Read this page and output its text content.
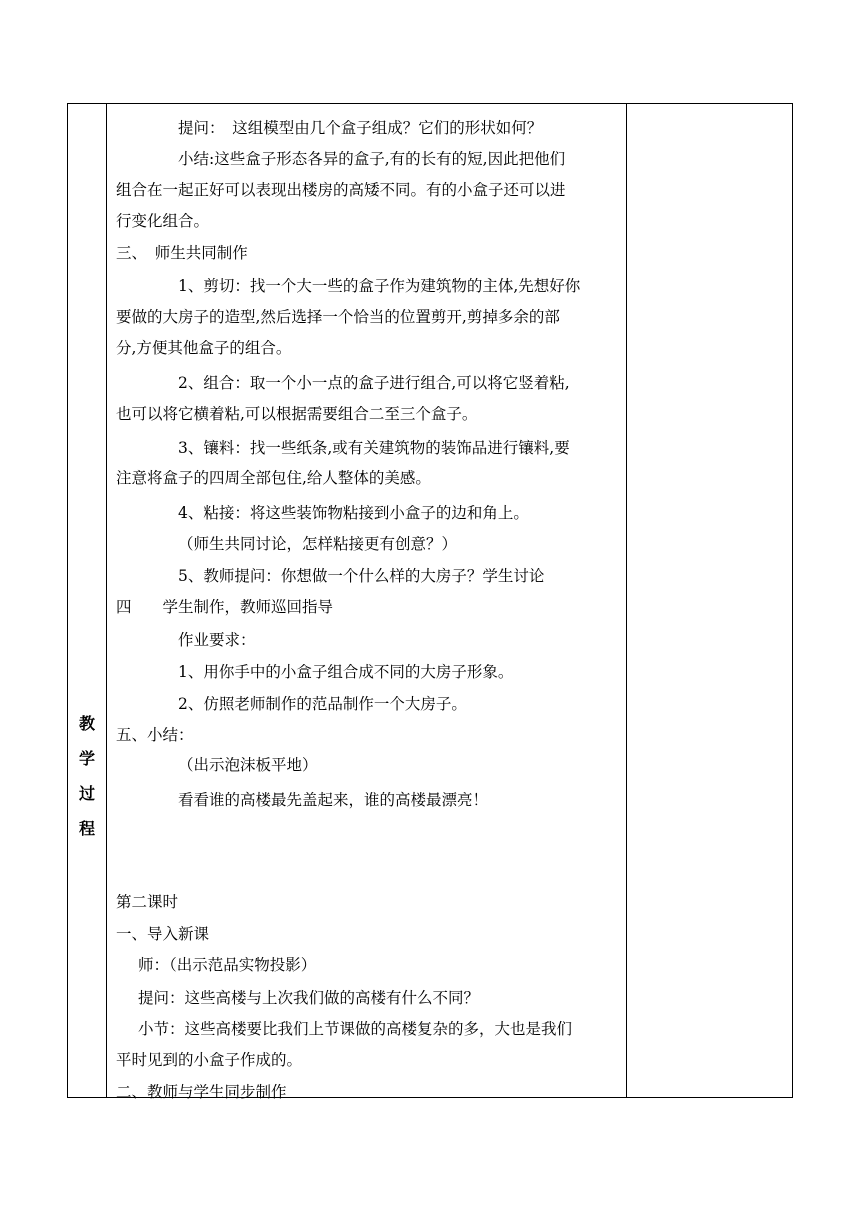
教
学
过
程
提问：　这组模型由几个盒子组成？它们的形状如何？
小结:这些盒子形态各异的盒子,有的长有的短,因此把他们
组合在一起正好可以表现出楼房的高矮不同。有的小盒子还可以进
行变化组合。
三、　师生共同制作
1、剪切：找一个大一些的盒子作为建筑物的主体,先想好你
要做的大房子的造型,然后选择一个恰当的位置剪开,剪掉多余的部
分,方便其他盒子的组合。
2、组合：取一个小一点的盒子进行组合,可以将它竖着粘,
也可以将它横着粘,可以根据需要组合二至三个盒子。
3、镶料：找一些纸条,或有关建筑物的装饰品进行镶料,要
注意将盒子的四周全部包住,给人整体的美感。
4、粘接：将这些装饰物粘接到小盒子的边和角上。
（师生共同讨论，怎样粘接更有创意？）
5、教师提问：你想做一个什么样的大房子？学生讨论
四　　学生制作，教师巡回指导
作业要求：
1、用你手中的小盒子组合成不同的大房子形象。
2、仿照老师制作的范品制作一个大房子。
五、小结：
（出示泡沫板平地）
看看谁的高楼最先盖起来，谁的高楼最漂亮！
第二课时
一、导入新课
师：（出示范品实物投影）
提问：这些高楼与上次我们做的高楼有什么不同？
小节：这些高楼要比我们上节课做的高楼复杂的多，大也是我们
平时见到的小盒子作成的。
二、教师与学生同步制作
